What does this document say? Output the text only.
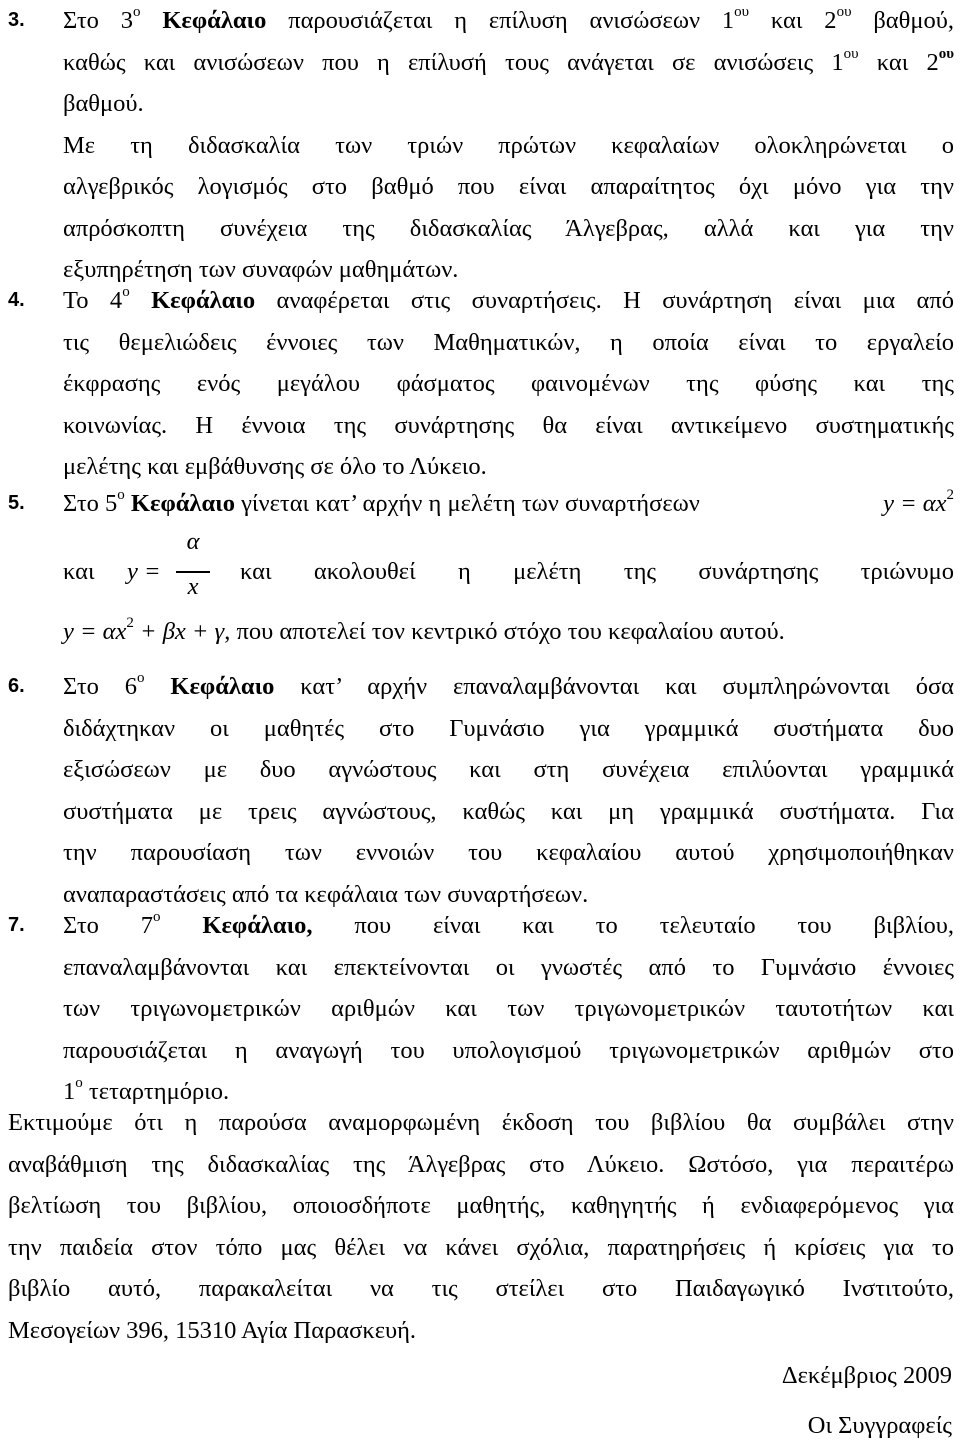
3. Στο $3^o$ Κεφάλαιο παρουσιάζεται η επίλυση ανισώσεων $1^{o\upsilon}$ και $2^{o\upsilon}$ βαθμού,
καθώς και ανισώσεων που η επίλυσή τους ανάγεται σε ανισώσεις $1^{o\upsilon}$ και $2^{o\upsilon}$
βαθμού.
Με τη διδασκαλία των τριών πρώτων κεφαλαίων ολοκληρώνεται ο
αλγεβρικός λογισμός στο βαθμό που είναι απαραίτητος όχι μόνο για την
απρόσκοπτη συνέχεια της διδασκαλίας Άλγεβρας, αλλά και για την
εξυπηρέτηση των συναφών μαθημάτων.
4. Το $4^o$ Κεφάλαιο αναφέρεται στις συναρτήσεις. Η συνάρτηση είναι μια από
τις θεμελιώδεις έννοιες των Μαθηματικών, η οποία είναι το εργαλείο
έκφρασης ενός μεγάλου φάσματος φαινομένων της φύσης και της
κοινωνίας. Η έννοια της συνάρτησης θα είναι αντικείμενο συστηματικής
μελέτης και εμβάθυνσης σε όλο το Λύκειο.
5. Στο $5^o$ Κεφάλαιο γίνεται κατ’ αρχήν η μελέτη των συναρτήσεων	$y = \alpha x^2$
και y =
α
x
και ακολουθεί η μελέτη της συνάρτησης τριώνυμο
$y = \alpha x^2 + \beta x + \gamma$, που αποτελεί τον κεντρικό στόχο του κεφαλαίου αυτού.
6. Στο $6^o$ Κεφάλαιο κατ’ αρχήν επαναλαμβάνονται και συμπληρώνονται όσα
διδάχτηκαν οι μαθητές στο Γυμνάσιο για γραμμικά συστήματα δυο
εξισώσεων με δυο αγνώστους και στη συνέχεια επιλύονται γραμμικά
συστήματα με τρεις αγνώστους, καθώς και μη γραμμικά συστήματα. Για
την παρουσίαση των εννοιών του κεφαλαίου αυτού χρησιμοποιήθηκαν
αναπαραστάσεις από τα κεφάλαια των συναρτήσεων.
7. Στο $7^o$ Κεφάλαιο, που είναι και το τελευταίο του βιβλίου,
επαναλαμβάνονται και επεκτείνονται οι γνωστές από το Γυμνάσιο έννοιες
των τριγωνομετρικών αριθμών και των τριγωνομετρικών ταυτοτήτων και
παρουσιάζεται η αναγωγή του υπολογισμού τριγωνομετρικών αριθμών στο
$1^o$ τεταρτημόριο.
Εκτιμούμε ότι η παρούσα αναμορφωμένη έκδοση του βιβλίου θα συμβάλει στην
αναβάθμιση της διδασκαλίας της Άλγεβρας στο Λύκειο. Ωστόσο, για περαιτέρω
βελτίωση του βιβλίου, οποιοσδήποτε μαθητής, καθηγητής ή ενδιαφερόμενος για
την παιδεία στον τόπο μας θέλει να κάνει σχόλια, παρατηρήσεις ή κρίσεις για το
βιβλίο αυτό, παρακαλείται να τις στείλει στο Παιδαγωγικό Ινστιτούτο,
Μεσογείων 396, 15310 Αγία Παρασκευή.
Δεκέμβριος 2009
Οι Συγγραφείς
